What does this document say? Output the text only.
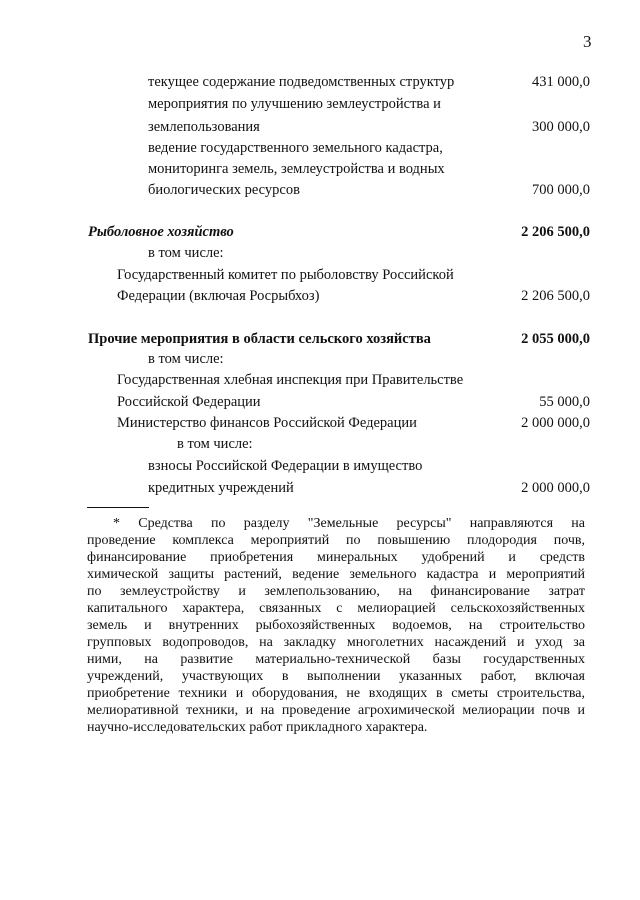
3
текущее содержание подведомственных структур	431 000,0
мероприятия по улучшению землеустройства и
землепользования	300 000,0
ведение государственного земельного кадастра,
мониторинга земель, землеустройства и водных
биологических ресурсов	700 000,0
Рыболовное хозяйство	2 206 500,0
в том числе:
Государственный комитет по рыболовству Российской
Федерации (включая Росрыбхоз)	2 206 500,0
Прочие мероприятия в области сельского хозяйства	2 055 000,0
в том числе:
Государственная хлебная инспекция при Правительстве
Российской Федерации	55 000,0
Министерство финансов Российской Федерации	2 000 000,0
в том числе:
взносы Российской Федерации в имущество
кредитных учреждений	2 000 000,0
* Средства по разделу "Земельные ресурсы" направляются на
проведение комплекса мероприятий по повышению плодородия почв,
финансирование приобретения минеральных удобрений и средств
химической защиты растений, ведение земельного кадастра и мероприятий
по землеустройству и землепользованию, на финансирование затрат
капитального характера, связанных с мелиорацией сельскохозяйственных
земель и внутренних рыбохозяйственных водоемов, на строительство
групповых водопроводов, на закладку многолетних насаждений и уход за
ними, на развитие материально-технической базы государственных
учреждений, участвующих в выполнении указанных работ, включая
приобретение техники и оборудования, не входящих в сметы строительства,
мелиоративной техники, и на проведение агрохимической мелиорации почв и
научно-исследовательских работ прикладного характера.
